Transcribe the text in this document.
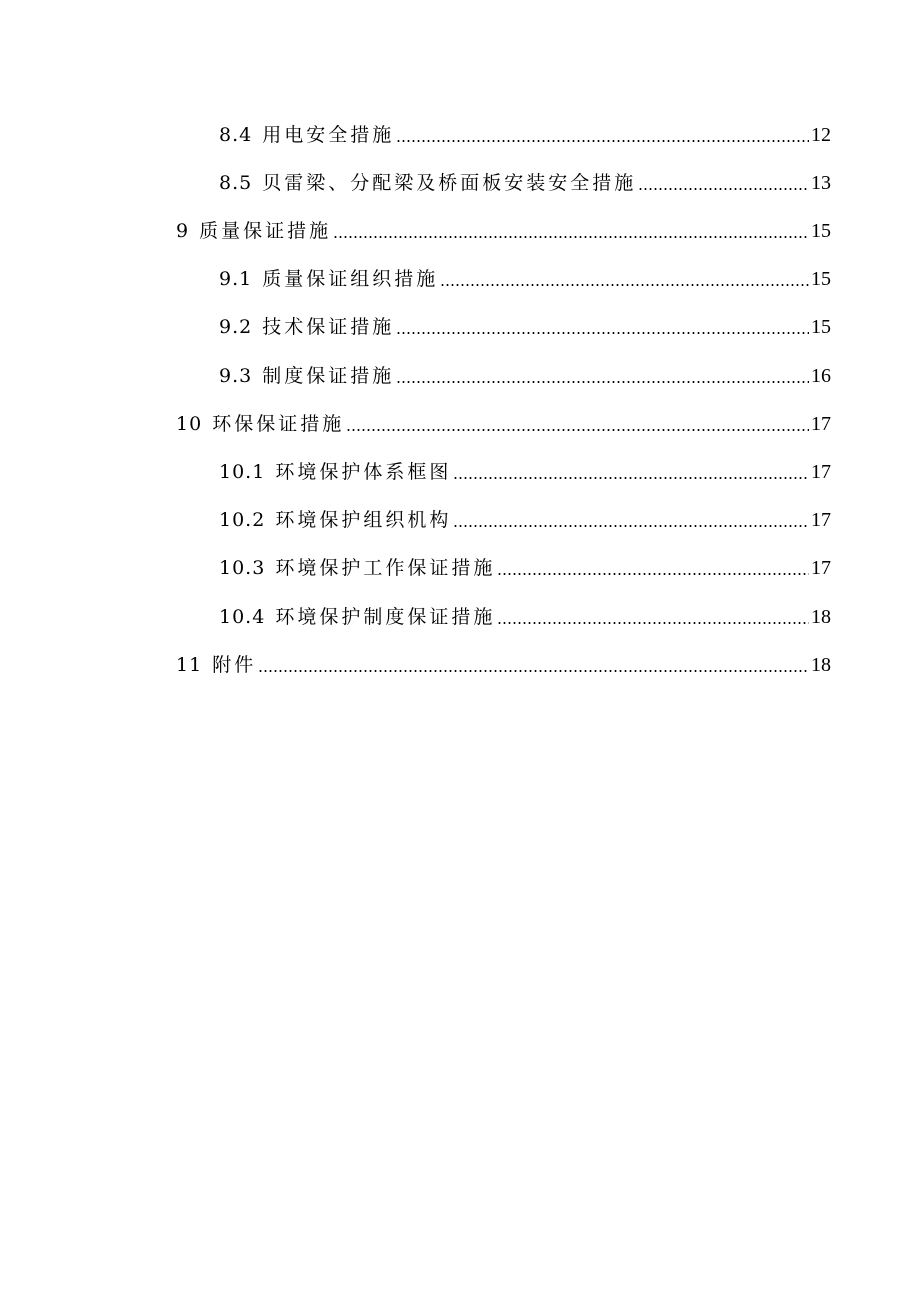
8.4 用电安全措施	12
8.5 贝雷梁、分配梁及桥面板安装安全措施	13
9 质量保证措施	15
9.1 质量保证组织措施	15
9.2 技术保证措施	15
9.3 制度保证措施	16
10 环保保证措施	17
10.1 环境保护体系框图	17
10.2 环境保护组织机构	17
10.3 环境保护工作保证措施	17
10.4 环境保护制度保证措施	18
11 附件	18
